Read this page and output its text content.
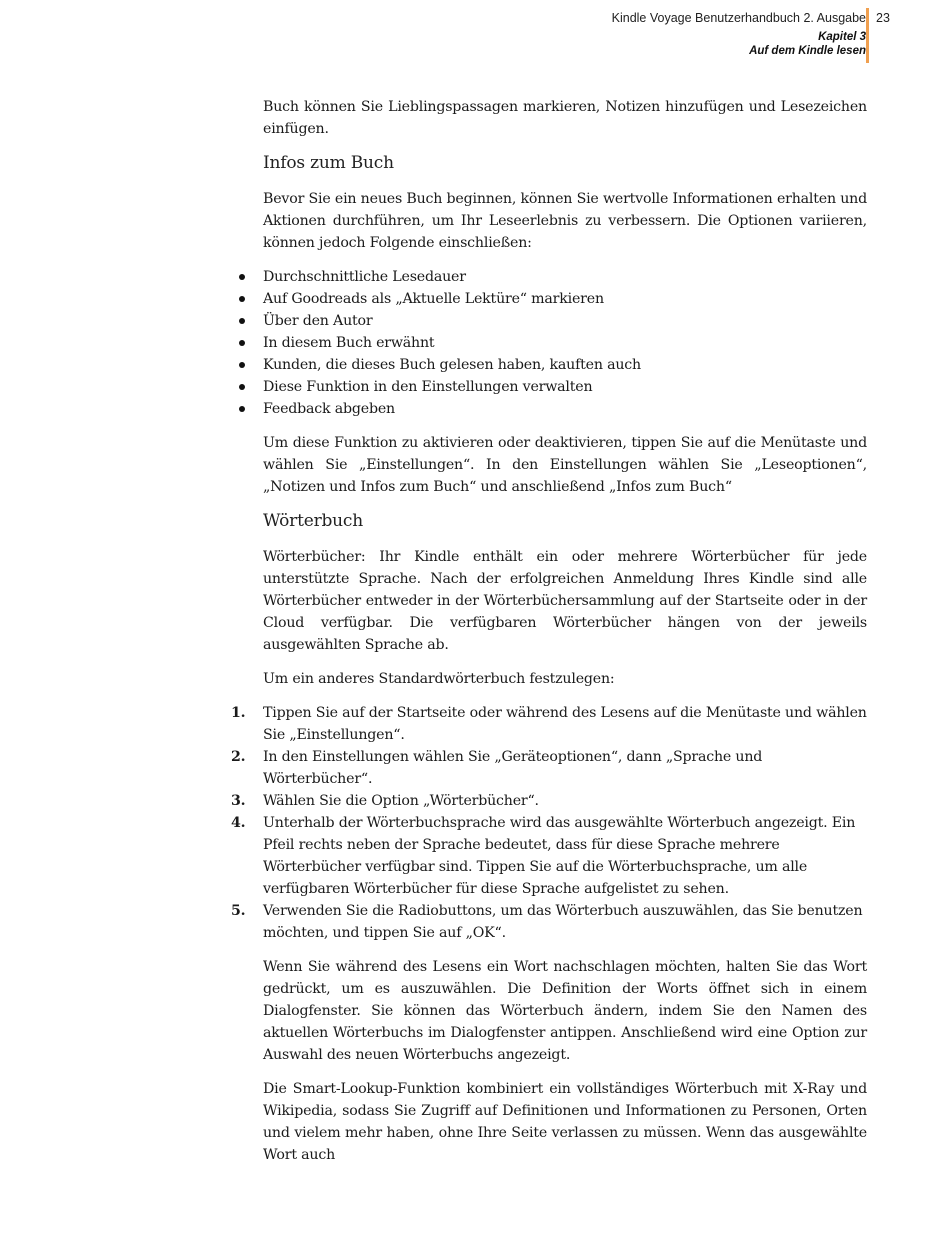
Kindle Voyage Benutzerhandbuch 2. Ausgabe
Kapitel 3
Auf dem Kindle lesen
23

Buch können Sie Lieblingspassagen markieren, Notizen hinzufügen und Lesezeichen einfügen.

Infos zum Buch

Bevor Sie ein neues Buch beginnen, können Sie wertvolle Informationen erhalten und Aktionen durchführen, um Ihr Leseerlebnis zu verbessern. Die Optionen variieren, können jedoch Folgende einschließen:

Durchschnittliche Lesedauer
Auf Goodreads als „Aktuelle Lektüre“ markieren
Über den Autor
In diesem Buch erwähnt
Kunden, die dieses Buch gelesen haben, kauften auch
Diese Funktion in den Einstellungen verwalten
Feedback abgeben

Um diese Funktion zu aktivieren oder deaktivieren, tippen Sie auf die Menütaste und wählen Sie „Einstellungen“. In den Einstellungen wählen Sie „Leseoptionen“, „Notizen und Infos zum Buch“ und anschließend „Infos zum Buch“

Wörterbuch

Wörterbücher: Ihr Kindle enthält ein oder mehrere Wörterbücher für jede unterstützte Sprache. Nach der erfolgreichen Anmeldung Ihres Kindle sind alle Wörterbücher entweder in der Wörterbüchersammlung auf der Startseite oder in der Cloud verfügbar. Die verfügbaren Wörterbücher hängen von der jeweils ausgewählten Sprache ab.

Um ein anderes Standardwörterbuch festzulegen:

1. Tippen Sie auf der Startseite oder während des Lesens auf die Menütaste und wählen Sie „Einstellungen“.
2. In den Einstellungen wählen Sie „Geräteoptionen“, dann „Sprache und Wörterbücher“.
3. Wählen Sie die Option „Wörterbücher“.
4. Unterhalb der Wörterbuchsprache wird das ausgewählte Wörterbuch angezeigt. Ein Pfeil rechts neben der Sprache bedeutet, dass für diese Sprache mehrere Wörterbücher verfügbar sind. Tippen Sie auf die Wörterbuchsprache, um alle verfügbaren Wörterbücher für diese Sprache aufgelistet zu sehen.
5. Verwenden Sie die Radiobuttons, um das Wörterbuch auszuwählen, das Sie benutzen möchten, und tippen Sie auf „OK“.

Wenn Sie während des Lesens ein Wort nachschlagen möchten, halten Sie das Wort gedrückt, um es auszuwählen. Die Definition der Worts öffnet sich in einem Dialogfenster. Sie können das Wörterbuch ändern, indem Sie den Namen des aktuellen Wörterbuchs im Dialogfenster antippen. Anschließend wird eine Option zur Auswahl des neuen Wörterbuchs angezeigt.

Die Smart-Lookup-Funktion kombiniert ein vollständiges Wörterbuch mit X-Ray und Wikipedia, sodass Sie Zugriff auf Definitionen und Informationen zu Personen, Orten und vielem mehr haben, ohne Ihre Seite verlassen zu müssen. Wenn das ausgewählte Wort auch
